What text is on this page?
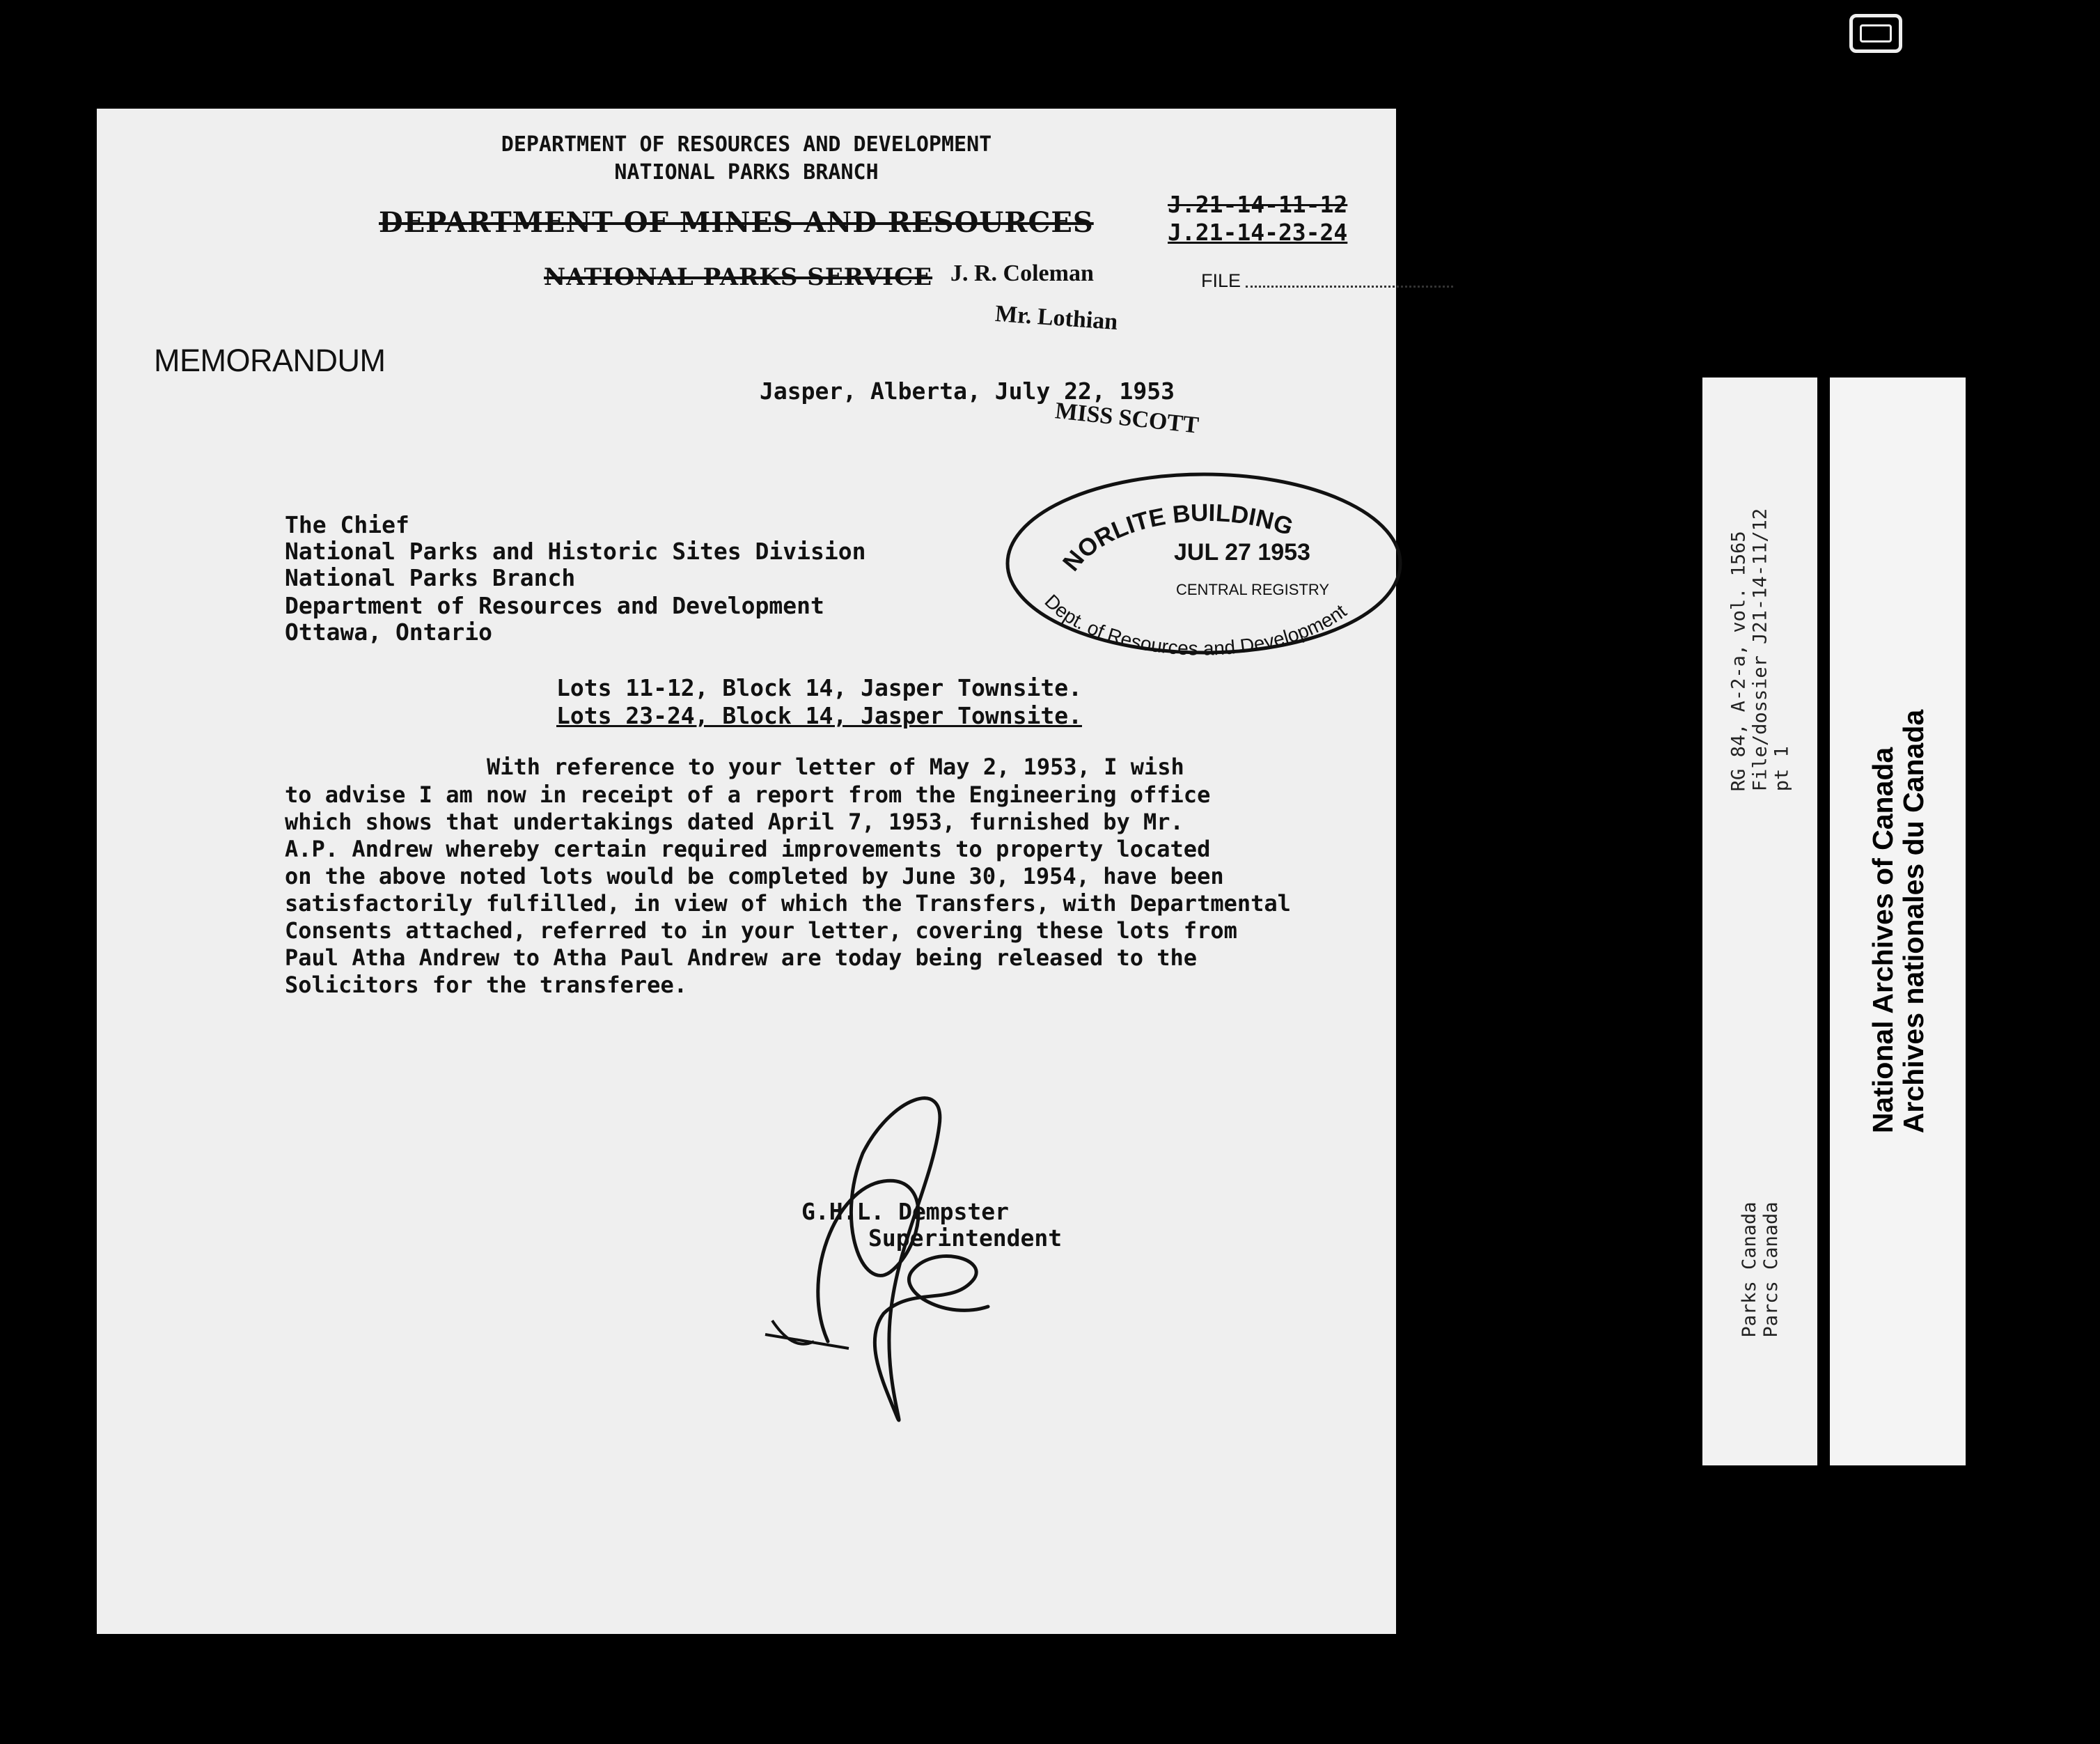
DEPARTMENT OF RESOURCES AND DEVELOPMENT
NATIONAL PARKS BRANCH
DEPARTMENT OF MINES AND RESOURCES
NATIONAL PARKS SERVICE
J.21-14-11-12
J.21-14-23-24
FILE
J. R. Coleman
Mr. Lothian
MISS SCOTT
MEMORANDUM
Jasper, Alberta, July 22, 1953
NORLITE BUILDING
JUL 27 1953
CENTRAL REGISTRY
Dept. of Resources and Development
The Chief
National Parks and Historic Sites Division
National Parks Branch
Department of Resources and Development
Ottawa, Ontario
Lots 11-12, Block 14, Jasper Townsite.
Lots 23-24, Block 14, Jasper Townsite.
With reference to your letter of May 2, 1953, I wish
to advise I am now in receipt of a report from the Engineering office
which shows that undertakings dated April 7, 1953, furnished by Mr.
A.P. Andrew whereby certain required improvements to property located
on the above noted lots would be completed by June 30, 1954, have been
satisfactorily fulfilled, in view of which the Transfers, with Departmental
Consents attached, referred to in your letter, covering these lots from
Paul Atha Andrew to Atha Paul Andrew are today being released to the
Solicitors for the transferee.
G.H.L. Dempster
Superintendent
RG 84, A-2-a, vol. 1565
File/dossier J21-14-11/12
pt 1
Parks Canada
Parcs Canada
National Archives of Canada
Archives nationales du Canada
